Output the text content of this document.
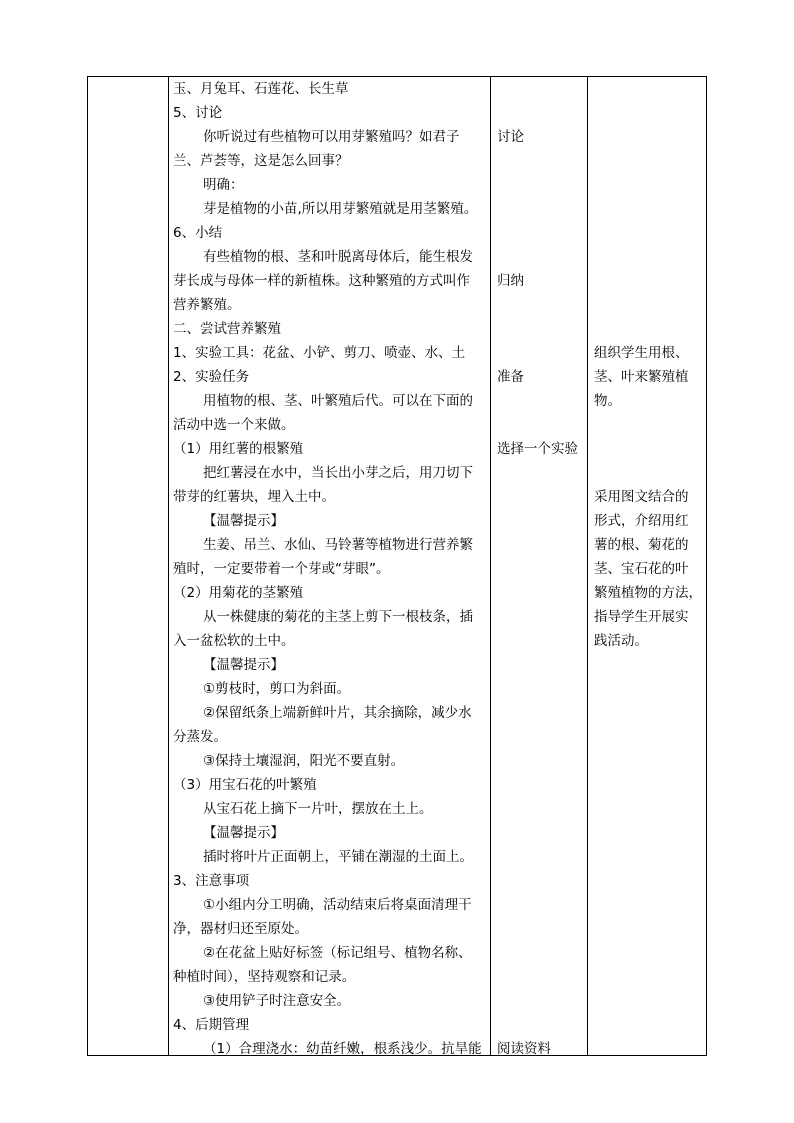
玉、月兔耳、石莲花、长生草
5、讨论
你听说过有些植物可以用芽繁殖吗？如君子
兰、芦荟等，这是怎么回事？
明确：
芽是植物的小苗,所以用芽繁殖就是用茎繁殖。
6、小结
有些植物的根、茎和叶脱离母体后，能生根发
芽长成与母体一样的新植株。这种繁殖的方式叫作
营养繁殖。
二、尝试营养繁殖
1、实验工具：花盆、小铲、剪刀、喷壶、水、土
2、实验任务
用植物的根、茎、叶繁殖后代。可以在下面的
活动中选一个来做。
（1）用红薯的根繁殖
把红薯浸在水中，当长出小芽之后，用刀切下
带芽的红薯块，埋入土中。
【温馨提示】
生姜、吊兰、水仙、马铃薯等植物进行营养繁
殖时，一定要带着一个芽或“芽眼”。
（2）用菊花的茎繁殖
从一株健康的菊花的主茎上剪下一根枝条，插
入一盆松软的土中。
【温馨提示】
①剪枝时，剪口为斜面。
②保留纸条上端新鲜叶片，其余摘除，减少水
分蒸发。
③保持土壤湿润，阳光不要直射。
（3）用宝石花的叶繁殖
从宝石花上摘下一片叶，摆放在土上。
【温馨提示】
插时将叶片正面朝上，平铺在潮湿的土面上。
3、注意事项
①小组内分工明确，活动结束后将桌面清理干
净，器材归还至原处。
②在花盆上贴好标签（标记组号、植物名称、
种植时间），坚持观察和记录。
③使用铲子时注意安全。
4、后期管理
（1）合理浇水：幼苗纤嫩，根系浅少。抗旱能
讨论
归纳
准备
选择一个实验
阅读资料
组织学生用根、
茎、叶来繁殖植
物。
采用图文结合的
形式，介绍用红
薯的根、菊花的
茎、宝石花的叶
繁殖植物的方法，
指导学生开展实
践活动。
